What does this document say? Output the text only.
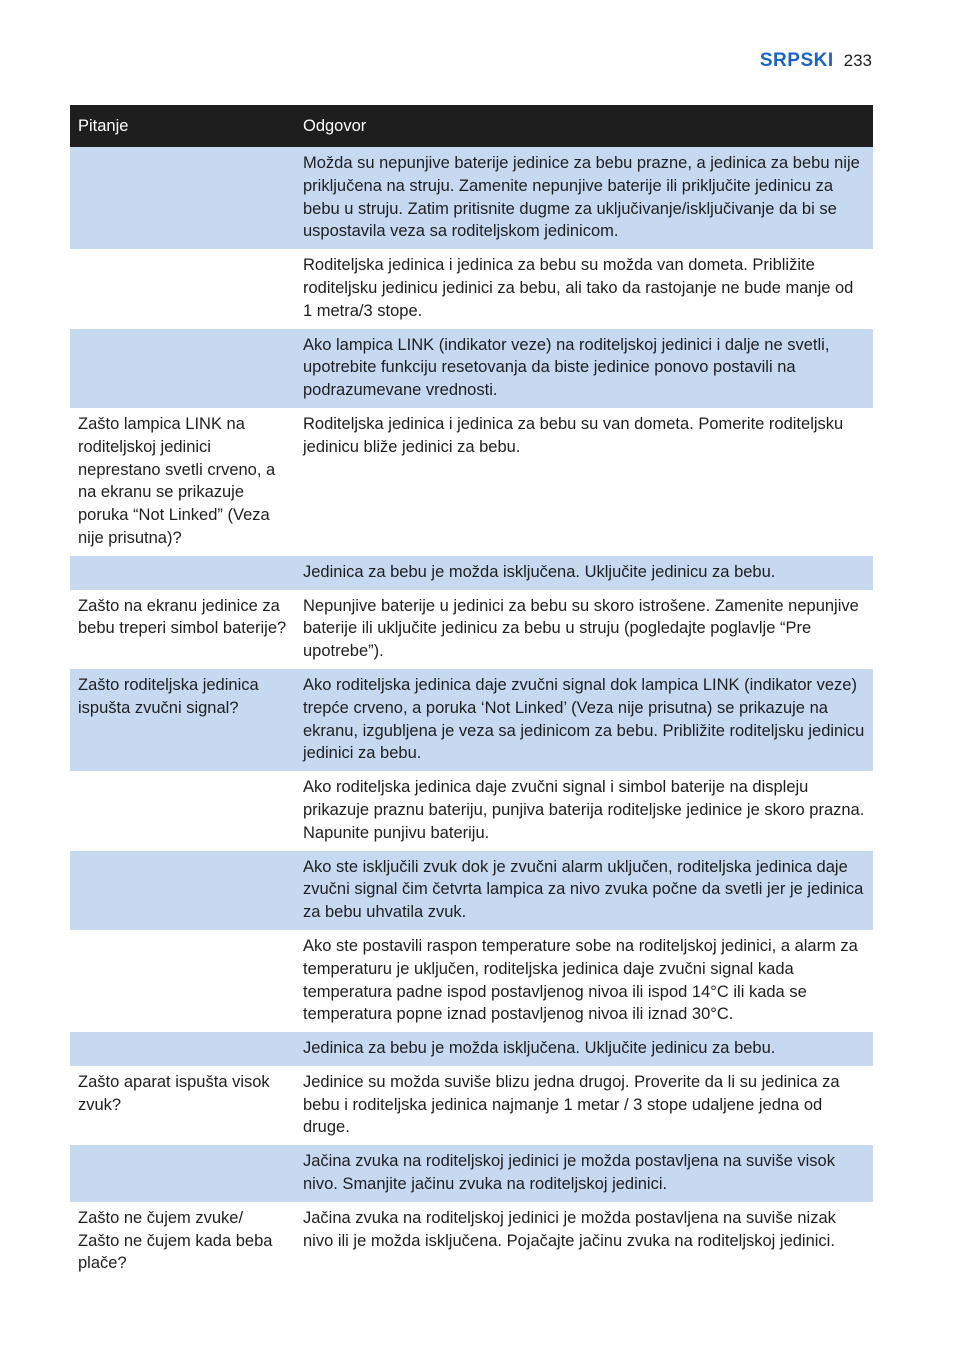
SRPSKI 233
Pitanje	Odgovor
	Možda su nepunjive baterije jedinice za bebu prazne, a jedinica za bebu nije priključena na struju. Zamenite nepunjive baterije ili priključite jedinicu za bebu u struju. Zatim pritisnite dugme za uključivanje/isključivanje da bi se uspostavila veza sa roditeljskom jedinicom.
	Roditeljska jedinica i jedinica za bebu su možda van dometa. Približite roditeljsku jedinicu jedinici za bebu, ali tako da rastojanje ne bude manje od 1 metra/3 stope.
	Ako lampica LINK (indikator veze) na roditeljskoj jedinici i dalje ne svetli, upotrebite funkciju resetovanja da biste jedinice ponovo postavili na podrazumevane vrednosti.
Zašto lampica LINK na roditeljskoj jedinici neprestano svetli crveno, a na ekranu se prikazuje poruka “Not Linked” (Veza nije prisutna)?	Roditeljska jedinica i jedinica za bebu su van dometa. Pomerite roditeljsku jedinicu bliže jedinici za bebu.
	Jedinica za bebu je možda isključena. Uključite jedinicu za bebu.
Zašto na ekranu jedinice za bebu treperi simbol baterije?	Nepunjive baterije u jedinici za bebu su skoro istrošene. Zamenite nepunjive baterije ili uključite jedinicu za bebu u struju (pogledajte poglavlje “Pre upotrebe”).
Zašto roditeljska jedinica ispušta zvučni signal?	Ako roditeljska jedinica daje zvučni signal dok lampica LINK (indikator veze) trepće crveno, a poruka ‘Not Linked’ (Veza nije prisutna) se prikazuje na ekranu, izgubljena je veza sa jedinicom za bebu. Približite roditeljsku jedinicu jedinici za bebu.
	Ako roditeljska jedinica daje zvučni signal i simbol baterije na displeju prikazuje praznu bateriju, punjiva baterija roditeljske jedinice je skoro prazna. Napunite punjivu bateriju.
	Ako ste isključili zvuk dok je zvučni alarm uključen, roditeljska jedinica daje zvučni signal čim četvrta lampica za nivo zvuka počne da svetli jer je jedinica za bebu uhvatila zvuk.
	Ako ste postavili raspon temperature sobe na roditeljskoj jedinici, a alarm za temperaturu je uključen, roditeljska jedinica daje zvučni signal kada temperatura padne ispod postavljenog nivoa ili ispod 14°C ili kada se temperatura popne iznad postavljenog nivoa ili iznad 30°C.
	Jedinica za bebu je možda isključena. Uključite jedinicu za bebu.
Zašto aparat ispušta visok zvuk?	Jedinice su možda suviše blizu jedna drugoj. Proverite da li su jedinica za bebu i roditeljska jedinica najmanje 1 metar / 3 stope udaljene jedna od druge.
	Jačina zvuka na roditeljskoj jedinici je možda postavljena na suviše visok nivo. Smanjite jačinu zvuka na roditeljskoj jedinici.
Zašto ne čujem zvuke/ Zašto ne čujem kada beba plače?	Jačina zvuka na roditeljskoj jedinici je možda postavljena na suviše nizak nivo ili je možda isključena. Pojačajte jačinu zvuka na roditeljskoj jedinici.
